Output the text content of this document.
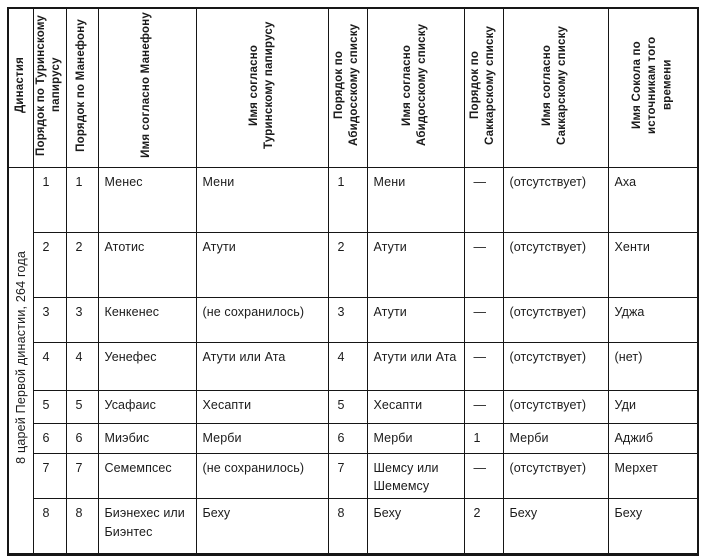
Династия	Порядок по Туринскому папирусу	Порядок по Манефону	Имя согласно Манефону	Имя согласно Туринскому папирусу	Порядок по Абидосскому списку	Имя согласно Абидосскому списку	Порядок по Саккарскому списку	Имя согласно Саккарскому списку	Имя Сокола по источникам того времени
8 царей Первой династии, 264 года	1	1	Менес	Мени	1	Мени	—	(отсутствует)	Аха
	2	2	Атотис	Атути	2	Атути	—	(отсутствует)	Хенти
	3	3	Кенкенес	(не сохранилось)	3	Атути	—	(отсутствует)	Уджа
	4	4	Уенефес	Атути или Ата	4	Атути или Ата	—	(отсутствует)	(нет)
	5	5	Усафаис	Хесапти	5	Хесапти	—	(отсутствует)	Уди
	6	6	Миэбис	Мерби	6	Мерби	1	Мерби	Аджиб
	7	7	Семемпсес	(не сохранилось)	7	Шемсу или Шемемсу	—	(отсутствует)	Мерхет
	8	8	Биэнехес или Биэнтес	Беху	8	Беху	2	Беху	Беху
